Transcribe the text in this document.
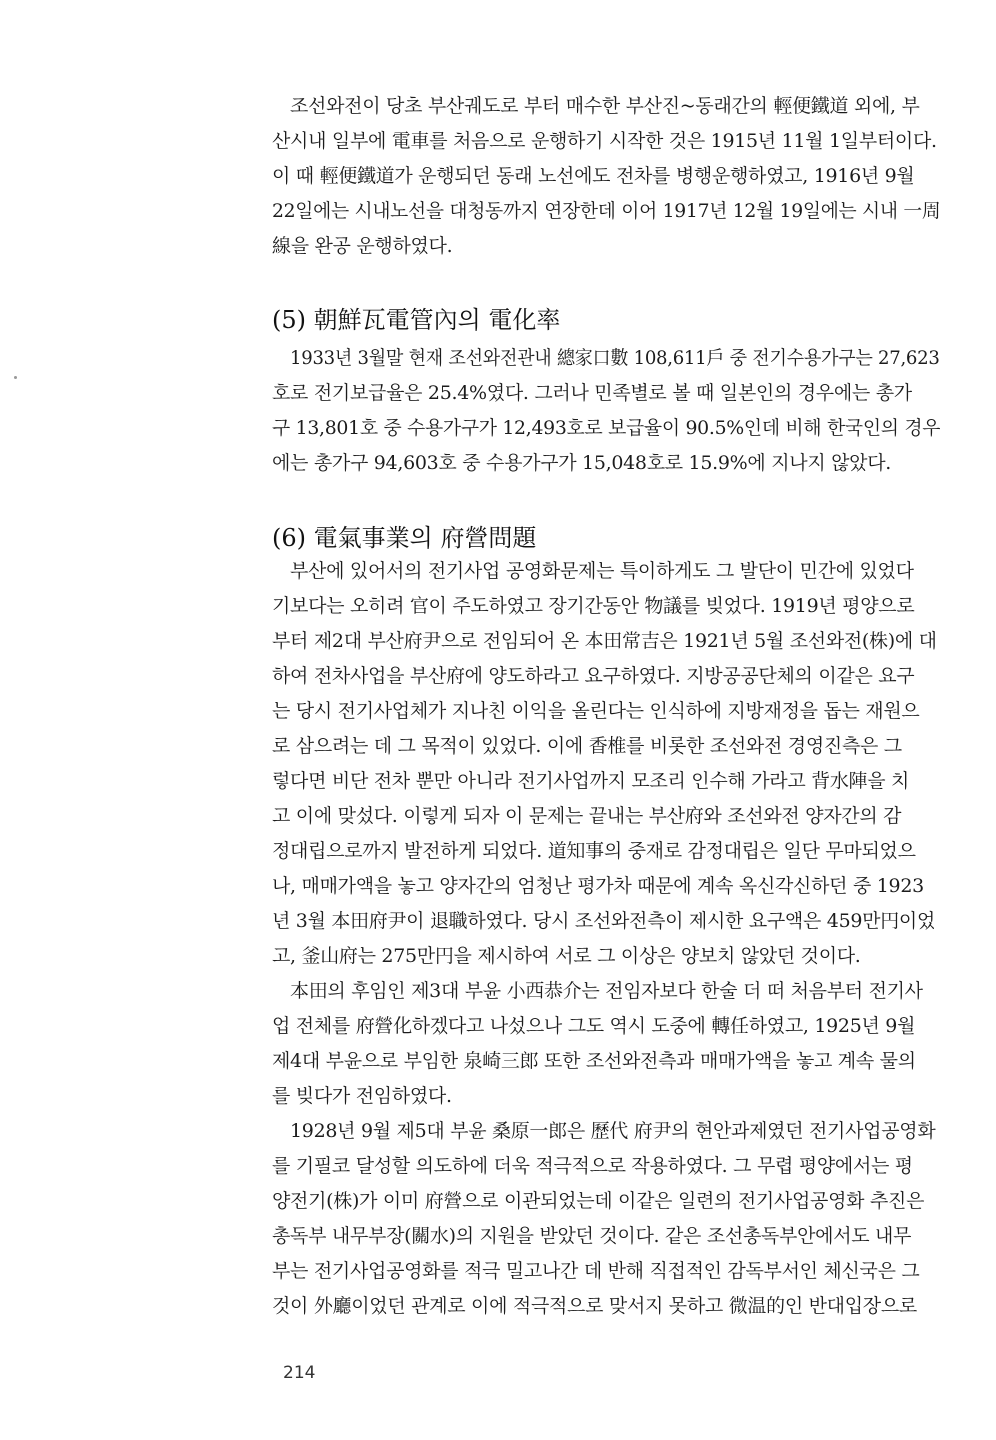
조선와전이 당초 부산궤도로 부터 매수한 부산진~동래간의 輕便鐵道 외에, 부
산시내 일부에 電車를 처음으로 운행하기 시작한 것은 1915년 11월 1일부터이다.
이 때 輕便鐵道가 운행되던 동래 노선에도 전차를 병행운행하였고, 1916년 9월
22일에는 시내노선을 대청동까지 연장한데 이어 1917년 12월 19일에는 시내 一周
線을 완공 운행하였다.
(5) 朝鮮瓦電管內의 電化率
1933년 3월말 현재 조선와전관내 總家口數 108,611戶 중 전기수용가구는 27,623
호로 전기보급율은 25.4%였다. 그러나 민족별로 볼 때 일본인의 경우에는 총가
구 13,801호 중 수용가구가 12,493호로 보급율이 90.5%인데 비해 한국인의 경우
에는 총가구 94,603호 중 수용가구가 15,048호로 15.9%에 지나지 않았다.
(6) 電氣事業의 府營問題
부산에 있어서의 전기사업 공영화문제는 특이하게도 그 발단이 민간에 있었다
기보다는 오히려 官이 주도하였고 장기간동안 物議를 빚었다. 1919년 평양으로
부터 제2대 부산府尹으로 전임되어 온 本田常吉은 1921년 5월 조선와전(株)에 대
하여 전차사업을 부산府에 양도하라고 요구하였다. 지방공공단체의 이같은 요구
는 당시 전기사업체가 지나친 이익을 올린다는 인식하에 지방재정을 돕는 재원으
로 삼으려는 데 그 목적이 있었다. 이에 香椎를 비롯한 조선와전 경영진측은 그
렇다면 비단 전차 뿐만 아니라 전기사업까지 모조리 인수해 가라고 背水陣을 치
고 이에 맞섰다. 이렇게 되자 이 문제는 끝내는 부산府와 조선와전 양자간의 감
정대립으로까지 발전하게 되었다. 道知事의 중재로 감정대립은 일단 무마되었으
나, 매매가액을 놓고 양자간의 엄청난 평가차 때문에 계속 옥신각신하던 중 1923
년 3월 本田府尹이 退職하였다. 당시 조선와전측이 제시한 요구액은 459만円이었
고, 釜山府는 275만円을 제시하여 서로 그 이상은 양보치 않았던 것이다.
本田의 후임인 제3대 부윤 小西恭介는 전임자보다 한술 더 떠 처음부터 전기사
업 전체를 府營化하겠다고 나섰으나 그도 역시 도중에 轉任하였고, 1925년 9월
제4대 부윤으로 부임한 泉崎三郎 또한 조선와전측과 매매가액을 놓고 계속 물의
를 빚다가 전임하였다.
1928년 9월 제5대 부윤 桑原一郎은 歷代 府尹의 현안과제였던 전기사업공영화
를 기필코 달성할 의도하에 더욱 적극적으로 작용하였다. 그 무렵 평양에서는 평
양전기(株)가 이미 府營으로 이관되었는데 이같은 일련의 전기사업공영화 추진은
총독부 내무부장(關水)의 지원을 받았던 것이다. 같은 조선총독부안에서도 내무
부는 전기사업공영화를 적극 밀고나간 데 반해 직접적인 감독부서인 체신국은 그
것이 外廳이었던 관계로 이에 적극적으로 맞서지 못하고 微温的인 반대입장으로
214
